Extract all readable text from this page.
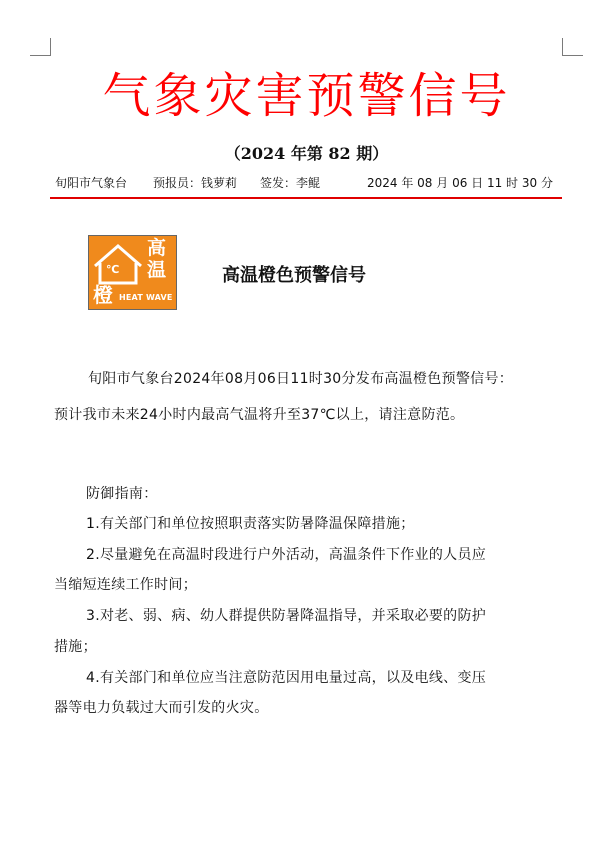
气象灾害预警信号
（2024 年第 82 期）
旬阳市气象台 预报员：钱萝莉 签发：李鲲	2024 年 08 月 06 日 11 时 30 分
℃
高
温
橙 HEAT WAVE
高温橙色预警信号
旬阳市气象台2024年08月06日11时30分发布高温橙色预警信号：
预计我市未来24小时内最高气温将升至37℃以上，请注意防范。
防御指南：
1.有关部门和单位按照职责落实防暑降温保障措施；
2.尽量避免在高温时段进行户外活动，高温条件下作业的人员应
当缩短连续工作时间；
3.对老、弱、病、幼人群提供防暑降温指导，并采取必要的防护
措施；
4.有关部门和单位应当注意防范因用电量过高，以及电线、变压
器等电力负载过大而引发的火灾。
